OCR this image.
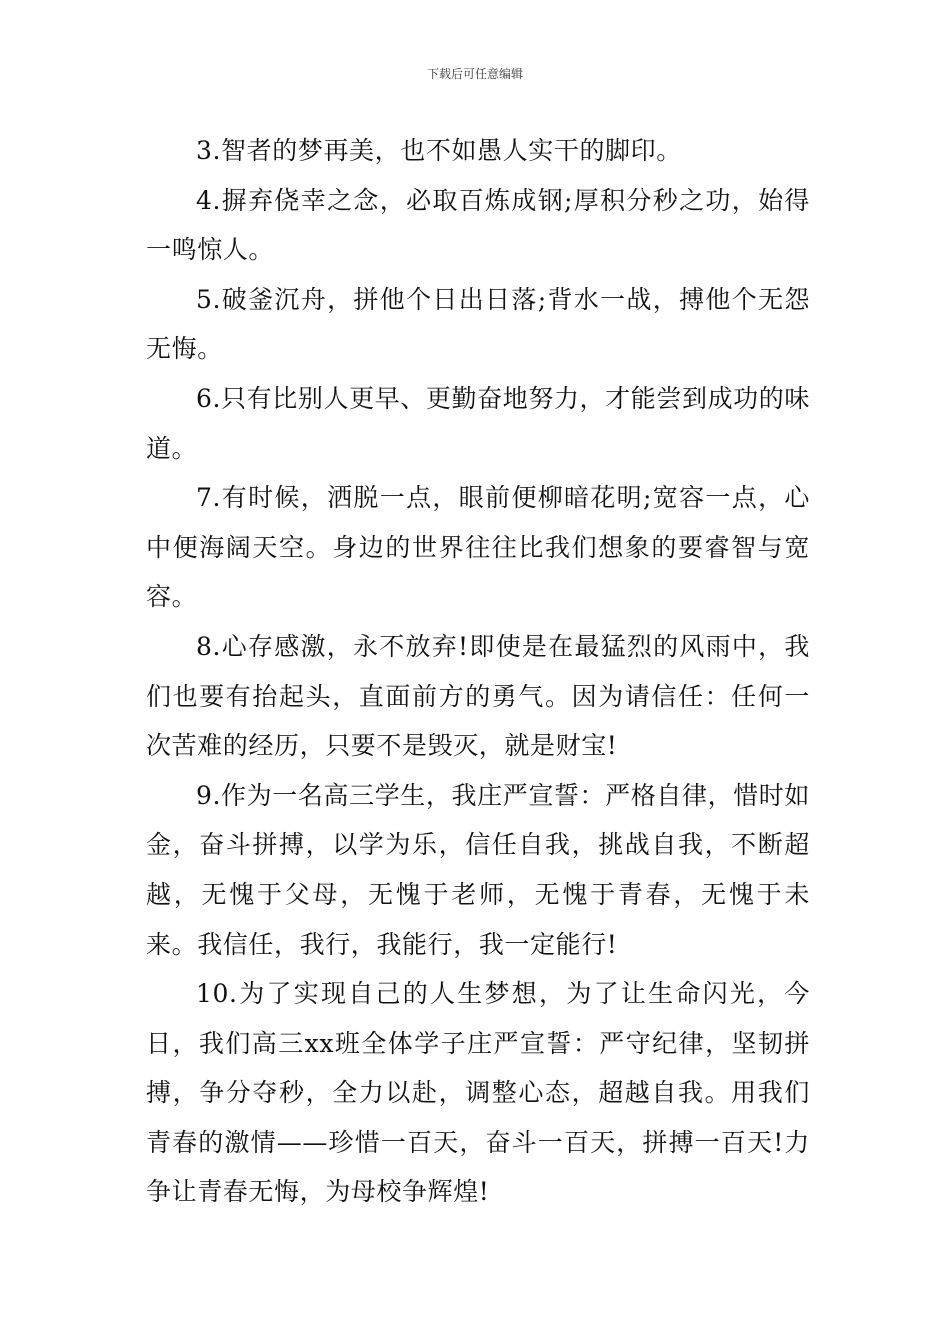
下载后可任意编辑

3.智者的梦再美，也不如愚人实干的脚印。

4.摒弃侥幸之念，必取百炼成钢;厚积分秒之功，始得一鸣惊人。

5.破釜沉舟，拼他个日出日落;背水一战，搏他个无怨无悔。

6.只有比别人更早、更勤奋地努力，才能尝到成功的味道。

7.有时候，洒脱一点，眼前便柳暗花明;宽容一点，心中便海阔天空。身边的世界往往比我们想象的要睿智与宽容。

8.心存感激，永不放弃!即使是在最猛烈的风雨中，我们也要有抬起头，直面前方的勇气。因为请信任：任何一次苦难的经历，只要不是毁灭，就是财宝!

9.作为一名高三学生，我庄严宣誓：严格自律，惜时如金，奋斗拼搏，以学为乐，信任自我，挑战自我，不断超越，无愧于父母，无愧于老师，无愧于青春，无愧于未来。我信任，我行，我能行，我一定能行!

10.为了实现自己的人生梦想，为了让生命闪光，今日，我们高三xx班全体学子庄严宣誓：严守纪律，坚韧拼搏，争分夺秒，全力以赴，调整心态，超越自我。用我们青春的激情——珍惜一百天，奋斗一百天，拼搏一百天!力争让青春无悔，为母校争辉煌!
